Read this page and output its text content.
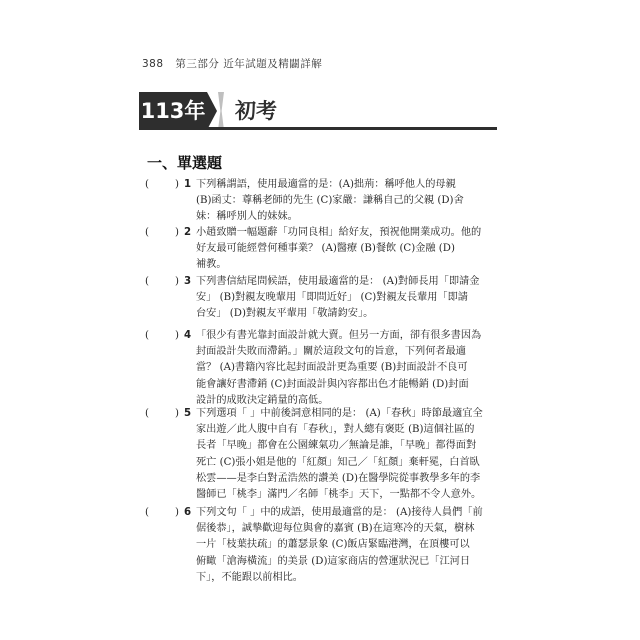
388 第三部分 近年試題及精闢詳解
113年 初考
一、單選題
(	) 1 下列稱謂語，使用最適當的是：(A)拙荊：稱呼他人的母親

(B)函丈：尊稱老師的先生 (C)家嚴：謙稱自己的父親 (D)舍

妹：稱呼別人的妹妹。

(	) 2 小趙致贈一幅題辭「功同良相」給好友，預祝他開業成功。他的

好友最可能經營何種事業？ (A)醫療 (B)餐飲 (C)金融 (D)

補教。

(	) 3 下列書信結尾問候語，使用最適當的是： (A)對師長用「即請金

安」 (B)對親友晚輩用「即問近好」 (C)對親友長輩用「即請

台安」 (D)對親友平輩用「敬請鈞安」。

(	) 4 「很少有書光靠封面設計就大賣。但另一方面，卻有很多書因為

封面設計失敗而滯銷。」關於這段文句的旨意，下列何者最適

當？ (A)書籍內容比起封面設計更為重要 (B)封面設計不良可

能會讓好書滯銷 (C)封面設計與內容都出色才能暢銷 (D)封面

設計的成敗決定銷量的高低。

(	) 5 下列選項「 」中前後詞意相同的是： (A)「春秋」時節最適宜全

家出遊／此人腹中自有「春秋」，對人總有褒貶 (B)這個社區的

長者「早晚」都會在公園練氣功／無論是誰，「早晚」都得面對

死亡 (C)張小姐是他的「紅顏」知己／「紅顏」棄軒冕，白首臥

松雲——是李白對孟浩然的讚美 (D)在醫學院從事教學多年的李

醫師已「桃李」滿門／名師「桃李」天下，一點都不令人意外。

(	) 6 下列文句「 」中的成語，使用最適當的是： (A)接待人員們「前

倨後恭」，誠摯歡迎每位與會的嘉賓 (B)在這寒冷的天氣，樹林

一片「枝葉扶疏」的蕭瑟景象 (C)飯店緊臨港灣，在頂樓可以

俯瞰「滄海橫流」的美景 (D)這家商店的營運狀況已「江河日

下」，不能跟以前相比。
